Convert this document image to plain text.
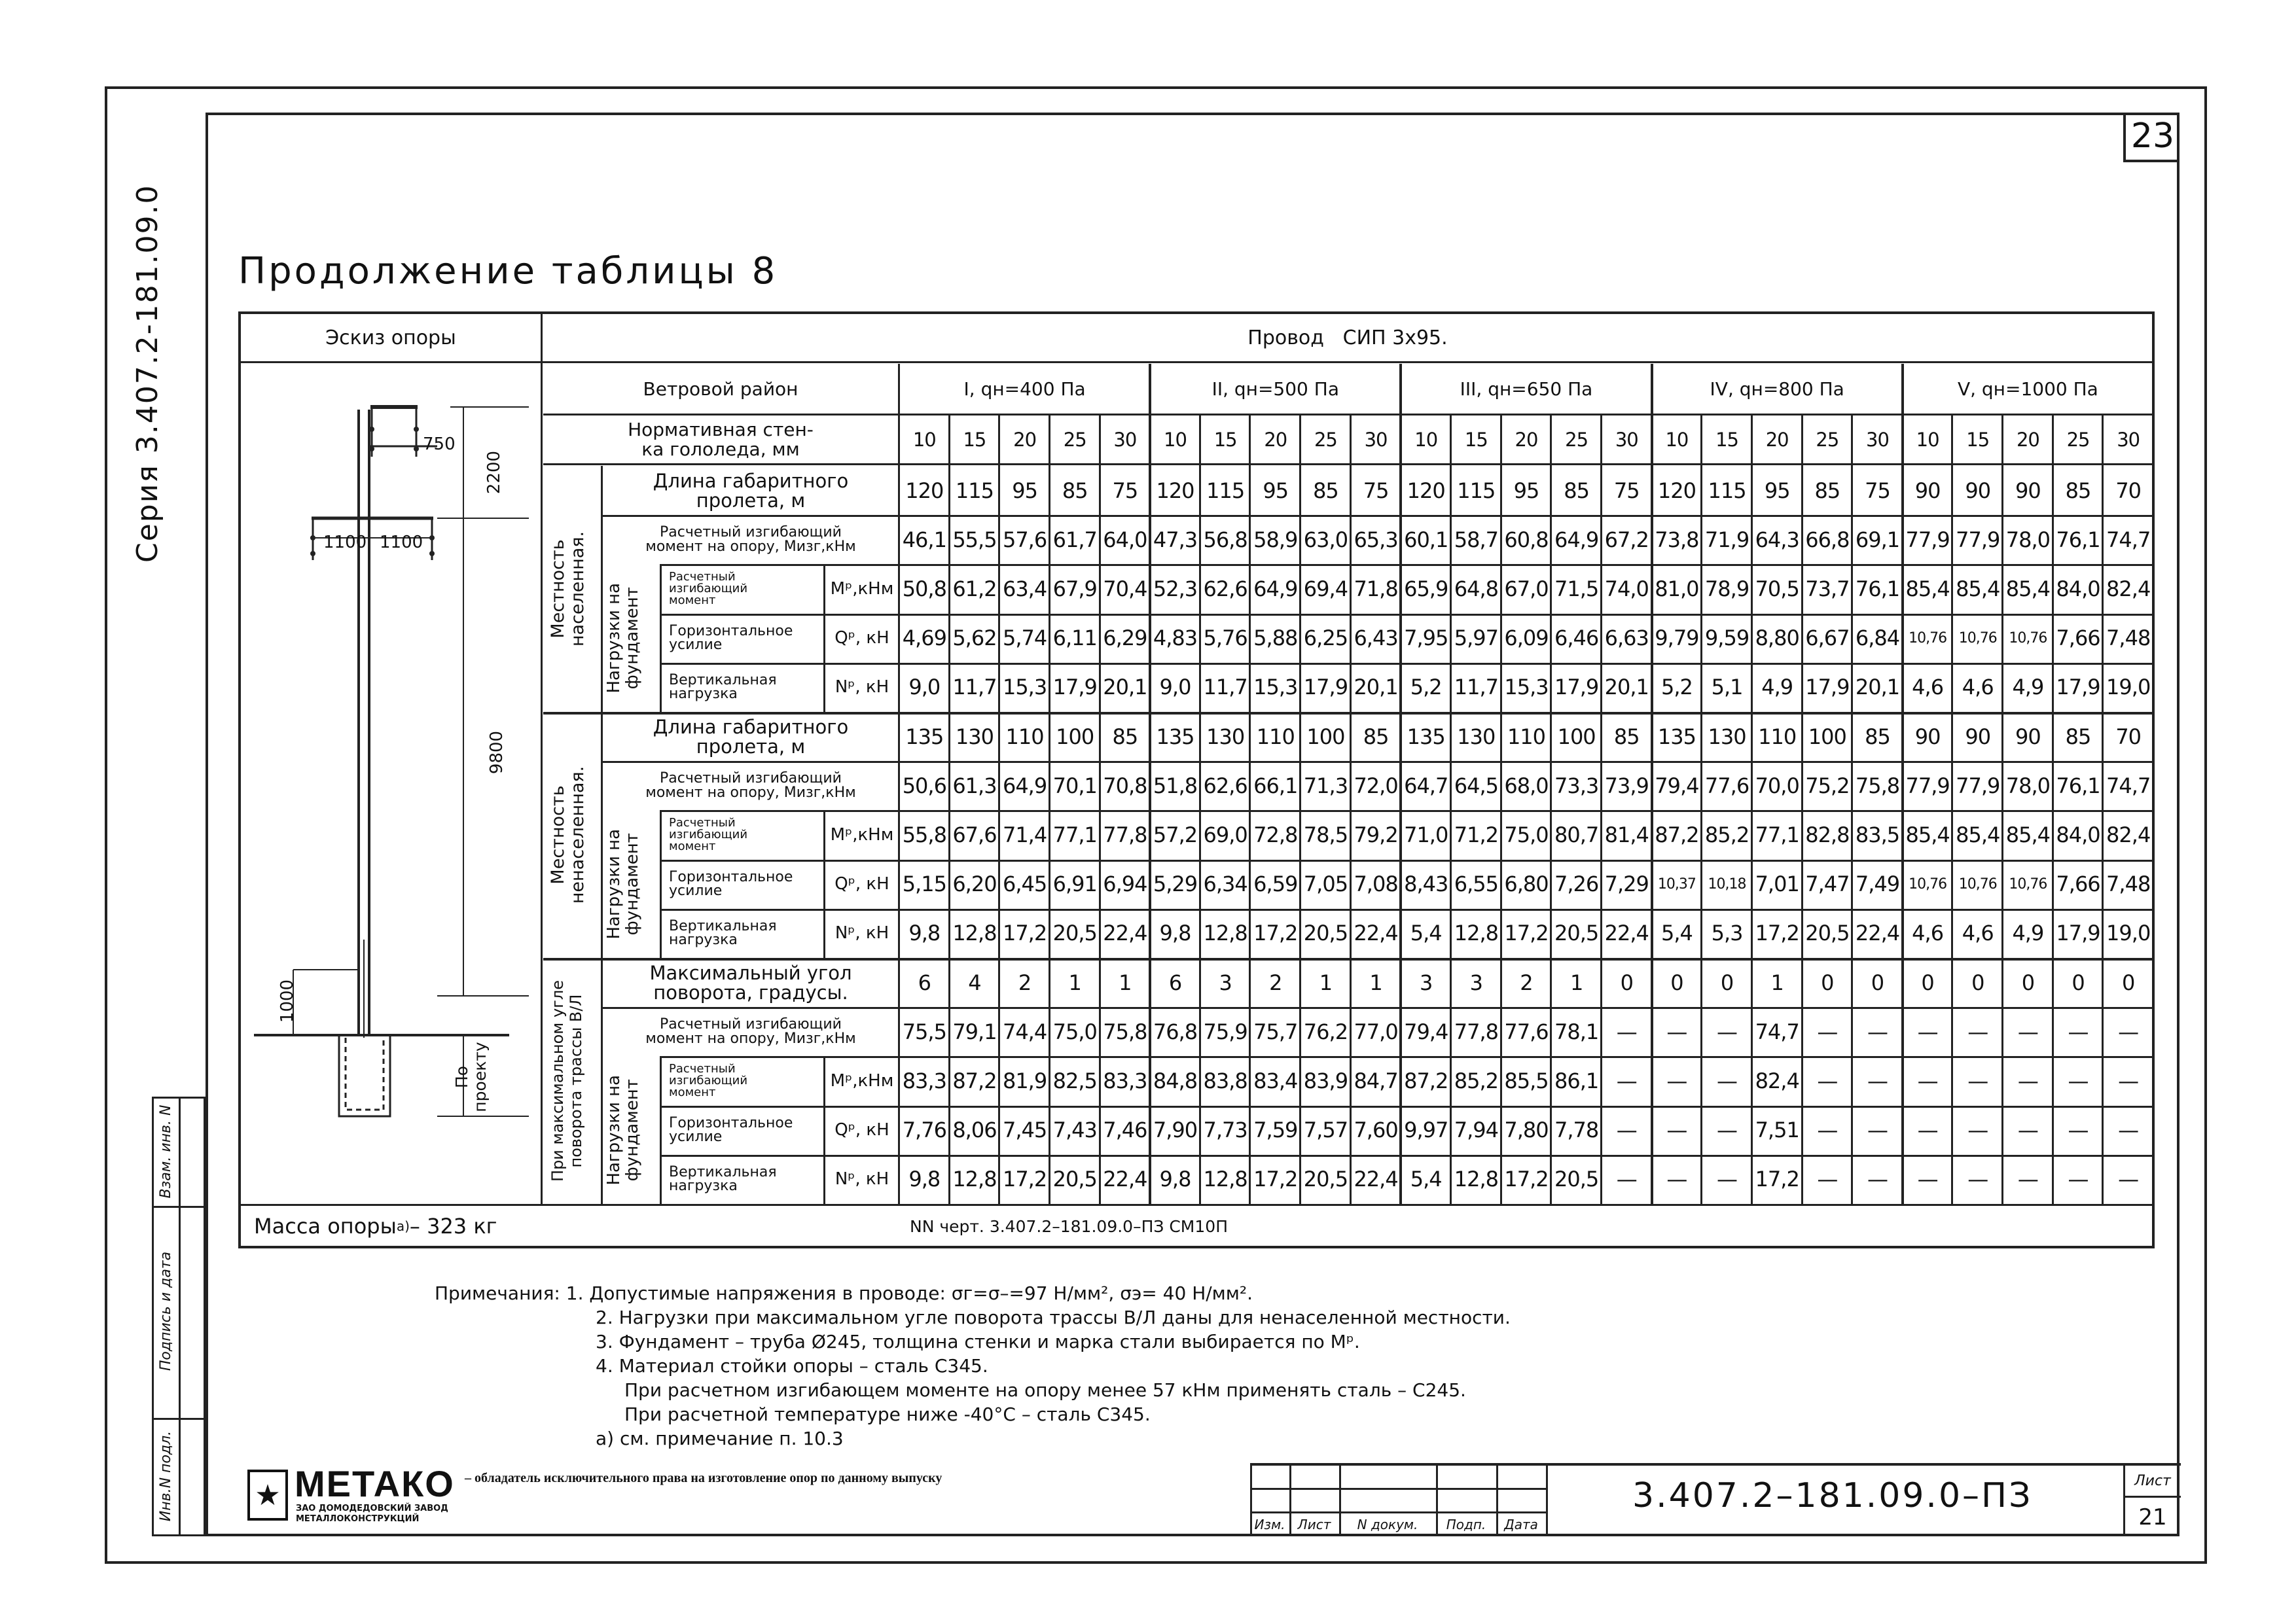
23
Серия 3.407.2-181.09.0 Продолжение таблицы 8
Взам. инв. N
Подпись и дата
Инв.N подл.
Эскиз опоры	Провод   СИП 3х95.
Ветровой район	I, qн=400 Па	II, qн=500 Па	III, qн=650 Па	IV, qн=800 Па	V, qн=1000 Па
Нормативная стен-
ка гололеда, мм	10	15	20	25	30	10	15	20	25	30	10	15	20	25	30	10	15	20	25	30	10	15	20	25	30
Местность
населенная.
Нагрузки на
фундамент
Длина габаритного
пролета, м	120 115 95	85	75 120 115 95	85	75 120 115 95	85	75 120 115 95	85	75	90	90	90	85	70
Расчетный изгибающий
момент на опору, Мизг,кНм	46,1 55,5 57,6 61,7 64,0 47,3 56,8 58,9 63,0 65,3 60,1 58,7 60,8 64,9 67,2 73,8 71,9 64,3 66,8 69,1 77,9 77,9 78,0 76,1 74,7
Расчетный
изгибающий
момент
Mᵖ,кНм 50,8 61,2 63,4 67,9 70,4 52,3 62,6 64,9 69,4 71,8 65,9 64,8 67,0 71,5 74,0 81,0 78,9 70,5 73,7 76,1 85,4 85,4 85,4 84,0 82,4
Горизонтальное
усилие	Qᵖ, кН 4,69 5,62 5,74 6,11 6,29 4,83 5,76 5,88 6,25 6,43 7,95 5,97 6,09 6,46 6,63 9,79 9,59 8,80 6,67 6,84 10,76 10,76 10,76 7,66 7,48
Вертикальная
нагрузка	Nᵖ, кН 9,0 11,7 15,3 17,9 20,1 9,0 11,7 15,3 17,9 20,1 5,2 11,7 15,3 17,9 20,1 5,2 5,1 4,9 17,9 20,1 4,6 4,6 4,9 17,9 19,0
Местность
ненаселенная. Нагрузки на
фундамент
Длина габаритного
пролета, м	135 130 110 100 85 135 130 110 100 85 135 130 110 100 85 135 130 110 100 85	90	90	90	85	70
Расчетный изгибающий
момент на опору, Мизг,кНм	50,6 61,3 64,9 70,1 70,8 51,8 62,6 66,1 71,3 72,0 64,7 64,5 68,0 73,3 73,9 79,4 77,6 70,0 75,2 75,8 77,9 77,9 78,0 76,1 74,7
Расчетный
изгибающий
момент
Mᵖ,кНм 55,8 67,6 71,4 77,1 77,8 57,2 69,0 72,8 78,5 79,2 71,0 71,2 75,0 80,7 81,4 87,2 85,2 77,1 82,8 83,5 85,4 85,4 85,4 84,0 82,4
Горизонтальное
усилие	Qᵖ, кН 5,15 6,20 6,45 6,91 6,94 5,29 6,34 6,59 7,05 7,08 8,43 6,55 6,80 7,26 7,29 10,37 10,18 7,01 7,47 7,49 10,76 10,76 10,76 7,66 7,48
Вертикальная
нагрузка	Nᵖ, кН 9,8 12,8 17,2 20,5 22,4 9,8 12,8 17,2 20,5 22,4 5,4 12,8 17,2 20,5 22,4 5,4 5,3 17,2 20,5 22,4 4,6 4,6 4,9 17,9 19,0
При максимальном угле
поворота трассы В/Л
Нагрузки на
фундамент
Максимальный угол
поворота, градусы.	6	4	2	1	1	6	3	2	1	1	3	3	2	1	0	0	0	1	0	0	0	0	0	0	0
Расчетный изгибающий
момент на опору, Мизг,кНм	75,5 79,1 74,4 75,0 75,8 76,8 75,9 75,7 76,2 77,0 79,4 77,8 77,6 78,1 —	—	— 74,7 —	—	—	—	—	—	—
Расчетный
изгибающий
момент
Mᵖ,кНм 83,3 87,2 81,9 82,5 83,3 84,8 83,8 83,4 83,9 84,7 87,2 85,2 85,5 86,1 —	—	— 82,4 —	—	—	—	—	—	—
Горизонтальное
усилие	Qᵖ, кН 7,76 8,06 7,45 7,43 7,46 7,90 7,73 7,59 7,57 7,60 9,97 7,94 7,80 7,78 —	—	— 7,51 —	—	—	—	—	—	—
Вертикальная
нагрузка	Nᵖ, кН 9,8 12,8 17,2 20,5 22,4 9,8 12,8 17,2 20,5 22,4 5,4 12,8 17,2 20,5 —	—	— 17,2 —	—	—	—	—	—	—
Масса опоры а) – 323 кг	NN черт. 3.407.2–181.09.0–ПЗ СМ10П
750
2200
1100 1100
9800
1000
По
проекту
Примечания: 1. Допустимые напряжения в проводе: σг=σ–=97 Н/мм², σэ= 40 Н/мм².
2. Нагрузки при максимальном угле поворота трассы В/Л даны для ненаселенной местности.
3. Фундамент – труба Ø245, толщина стенки и марка стали выбирается по Mᵖ.
4. Материал стойки опоры – сталь С345.
При расчетном изгибающем моменте на опору менее 57 кНм применять сталь – С245.
При расчетной температуре ниже -40°С – сталь С345.
а) см. примечание п. 10.3
★ МЕТАКО
ЗАО ДОМОДЕДОВСКИЙ ЗАВОД
МЕТАЛЛОКОНСТРУКЦИЙ
– обладатель исключительного права на изготовление опор по данному выпуску
Изм. Лист	N докум.	Подп.	Дата
Лист
21
3.407.2–181.09.0–ПЗ
